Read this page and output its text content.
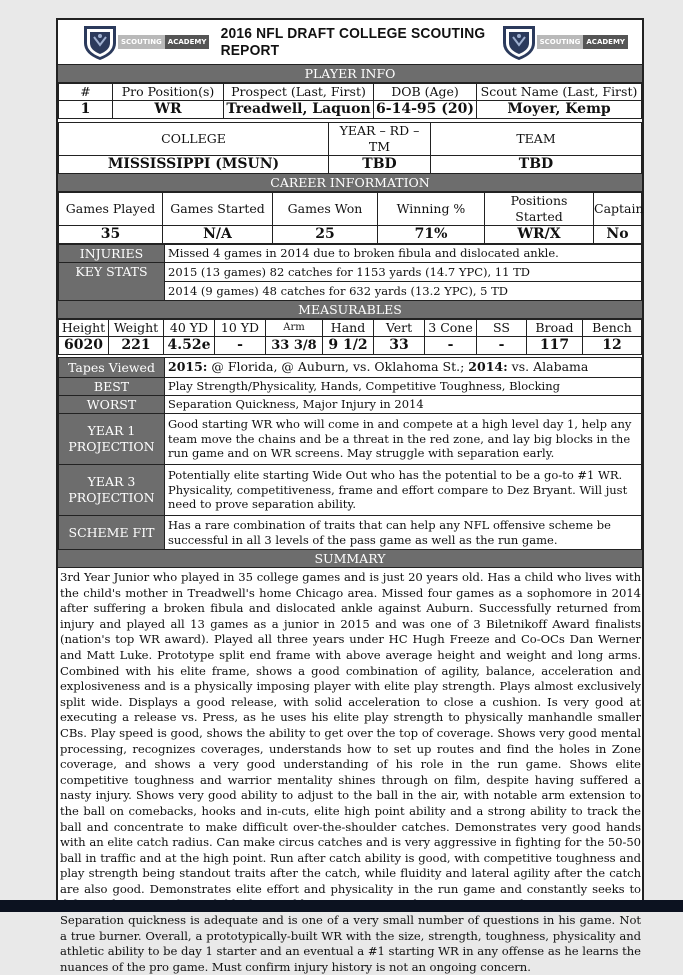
SCOUTING ACADEMY 2016 NFL DRAFT COLLEGE SCOUTING REPORT	SCOUTING ACADEMY
PLAYER INFO
#	Pro Position(s)	Prospect (Last, First)	DOB (Age)	Scout Name (Last, First)
1	WR	Treadwell, Laquon	6-14-95 (20)	Moyer, Kemp
COLLEGE	YEAR – RD – TM	TEAM
MISSISSIPPI (MSUN)	TBD	TBD
CAREER INFORMATION
Games Played	Games Started	Games Won	Winning %	Positions Started	Captain
35	N/A	25	71%	WR/X	No
INJURIES	Missed 4 games in 2014 due to broken fibula and dislocated ankle.
KEY STATS	2015 (13 games) 82 catches for 1153 yards (14.7 YPC), 11 TD
2014 (9 games) 48 catches for 632 yards (13.2 YPC), 5 TD
MEASURABLES
Height	Weight	40 YD	10 YD	Arm	Hand	Vert	3 Cone	SS	Broad	Bench
6020	221	4.52e	-	33 3/8	9 1/2	33	-	-	117	12
Tapes Viewed	2015: @ Florida, @ Auburn, vs. Oklahoma St.; 2014: vs. Alabama
BEST	Play Strength/Physicality, Hands, Competitive Toughness, Blocking
WORST	Separation Quickness, Major Injury in 2014
YEAR 1
PROJECTION	Good starting WR who will come in and compete at a high level day 1, help any team move the chains and be a threat in the red zone, and lay big blocks in the run game and on WR screens. May struggle with separation early.
YEAR 3
PROJECTION	Potentially elite starting Wide Out who has the potential to be a go-to #1 WR. Physicality, competitiveness, frame and effort compare to Dez Bryant. Will just need to prove separation ability.
SCHEME FIT	Has a rare combination of traits that can help any NFL offensive scheme be successful in all 3 levels of the pass game as well as the run game.
SUMMARY
3rd Year Junior who played in 35 college games and is just 20 years old. Has a child who lives with the child's mother in Treadwell's home Chicago area. Missed four games as a sophomore in 2014 after suffering a broken fibula and dislocated ankle against Auburn. Successfully returned from injury and played all 13 games as a junior in 2015 and was one of 3 Biletnikoff Award finalists (nation's top WR award). Played all three years under HC Hugh Freeze and Co-OCs Dan Werner and Matt Luke. Prototype split end frame with above average height and weight and long arms. Combined with his elite frame, shows a good combination of agility, balance, acceleration and explosiveness and is a physically imposing player with elite play strength. Plays almost exclusively split wide. Displays a good release, with solid acceleration to close a cushion. Is very good at executing a release vs. Press, as he uses his elite play strength to physically manhandle smaller CBs. Play speed is good, shows the ability to get over the top of coverage. Shows very good mental processing, recognizes coverages, understands how to set up routes and find the holes in Zone coverage, and shows a very good understanding of his role in the run game. Shows elite competitive toughness and warrior mentality shines through on film, despite having suffered a nasty injury. Shows very good ability to adjust to the ball in the air, with notable arm extension to the ball on comebacks, hooks and in-cuts, elite high point ability and a strong ability to track the ball and concentrate to make difficult over-the-shoulder catches. Demonstrates very good hands with an elite catch radius. Can make circus catches and is very aggressive in fighting for the 50-50 ball in traffic and at the high point. Run after catch ability is good, with competitive toughness and play strength being standout traits after the catch, while fluidity and lateral agility after the catch are also good. Demonstrates elite effort and physicality in the run game and constantly seeks to Separation quickness is adequate and is one of a very small number of questions in his game. Not a true burner. Overall, a prototypically-built WR with the size, strength, toughness, physicality and athletic ability to be day 1 starter and an eventual a #1 starting WR in any offense as he learns the nuances of the pro game. Must confirm injury history is not an ongoing concern.
